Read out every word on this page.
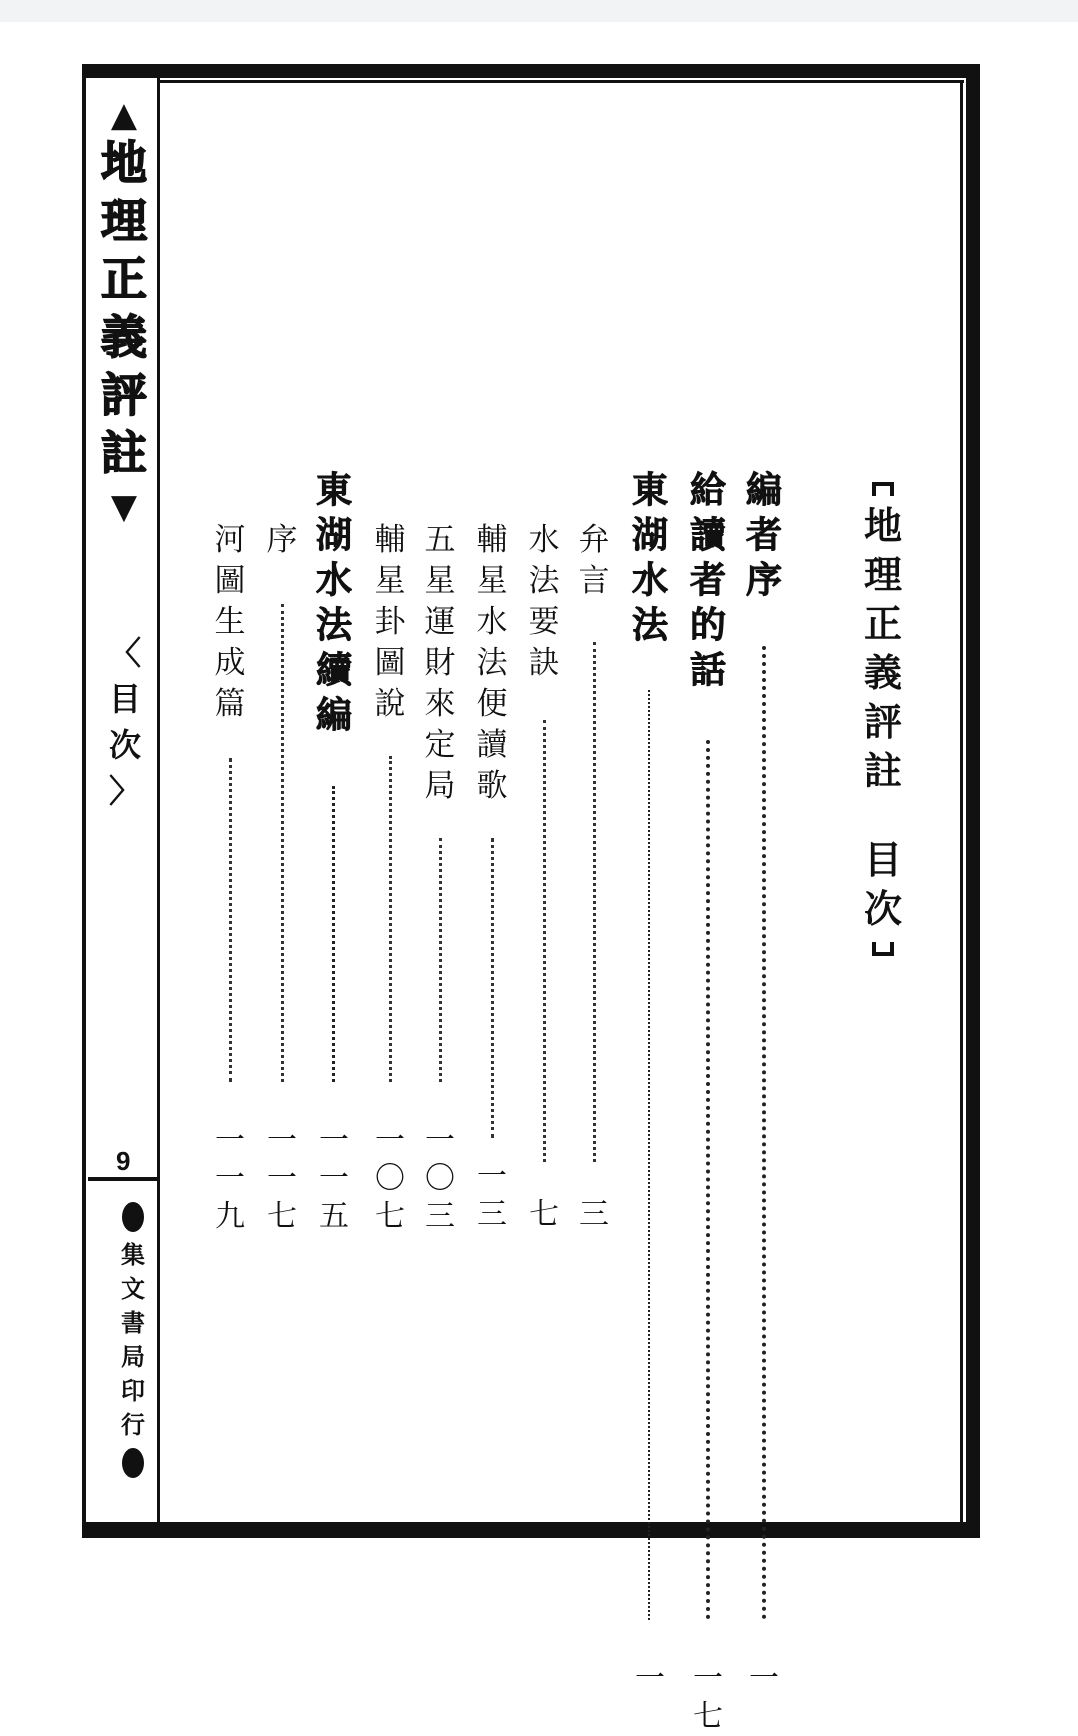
▲
地
理
正
義
評
註
▼
〈
目
次
〉
9
集
文
書
局
印
行
地
理
正
義
評
註
目
次
編
者
序
一
給
讀
者
的
話
一
七
東
湖
水
法
一
弁
言
三
水
法
要
訣
七
輔
星
水
法
便
讀
歌
一
三
五
星
運
財
來
定
局
一
〇
三
輔
星
卦
圖
說
一
〇
七
東
湖
水
法
續
編
一
一
五
序
一
一
七
河
圖
生
成
篇
一
一
九
